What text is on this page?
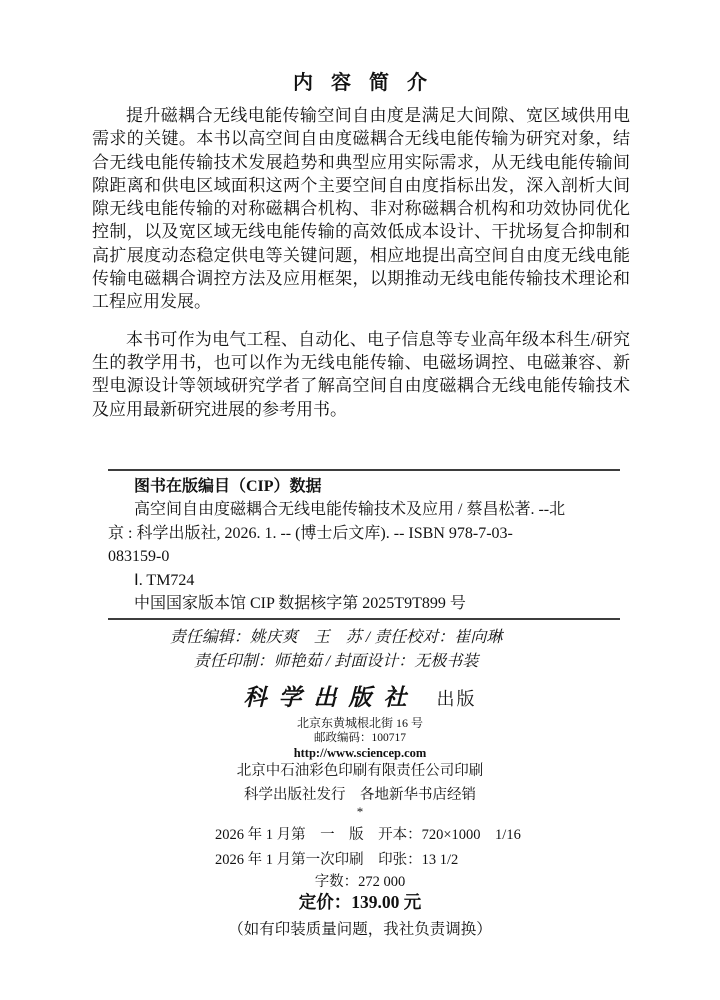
内容简介

提升磁耦合无线电能传输空间自由度是满足大间隙、宽区域供用电需求的关键。本书以高空间自由度磁耦合无线电能传输为研究对象，结合无线电能传输技术发展趋势和典型应用实际需求，从无线电能传输间隙距离和供电区域面积这两个主要空间自由度指标出发，深入剖析大间隙无线电能传输的对称磁耦合机构、非对称磁耦合机构和功效协同优化控制，以及宽区域无线电能传输的高效低成本设计、干扰场复合抑制和高扩展度动态稳定供电等关键问题，相应地提出高空间自由度无线电能传输电磁耦合调控方法及应用框架，以期推动无线电能传输技术理论和工程应用发展。

本书可作为电气工程、自动化、电子信息等专业高年级本科生/研究生的教学用书，也可以作为无线电能传输、电磁场调控、电磁兼容、新型电源设计等领域研究学者了解高空间自由度磁耦合无线电能传输技术及应用最新研究进展的参考用书。

图书在版编目（CIP）数据

高空间自由度磁耦合无线电能传输技术及应用 / 蔡昌松著. --北

京 : 科学出版社, 2026. 1. -- (博士后文库). -- ISBN 978-7-03-

083159-0

Ⅰ. TM724

中国国家版本馆 CIP 数据核字第 2025T9T899 号

责任编辑：姚庆爽　王　苏 / 责任校对：崔向琳

责任印制：师艳茹 / 封面设计：无极书装

科学出版社　 出版

北京东黄城根北街 16 号

邮政编码：100717

http://www.sciencep.com

北京中石油彩色印刷有限责任公司印刷

科学出版社发行　各地新华书店经销

*

2026 年 1 月第　一　版　开本：720×1000　1/16

2026 年 1 月第一次印刷　印张：13 1/2

字数：272 000

定价：139.00 元

（如有印装质量问题，我社负责调换）
